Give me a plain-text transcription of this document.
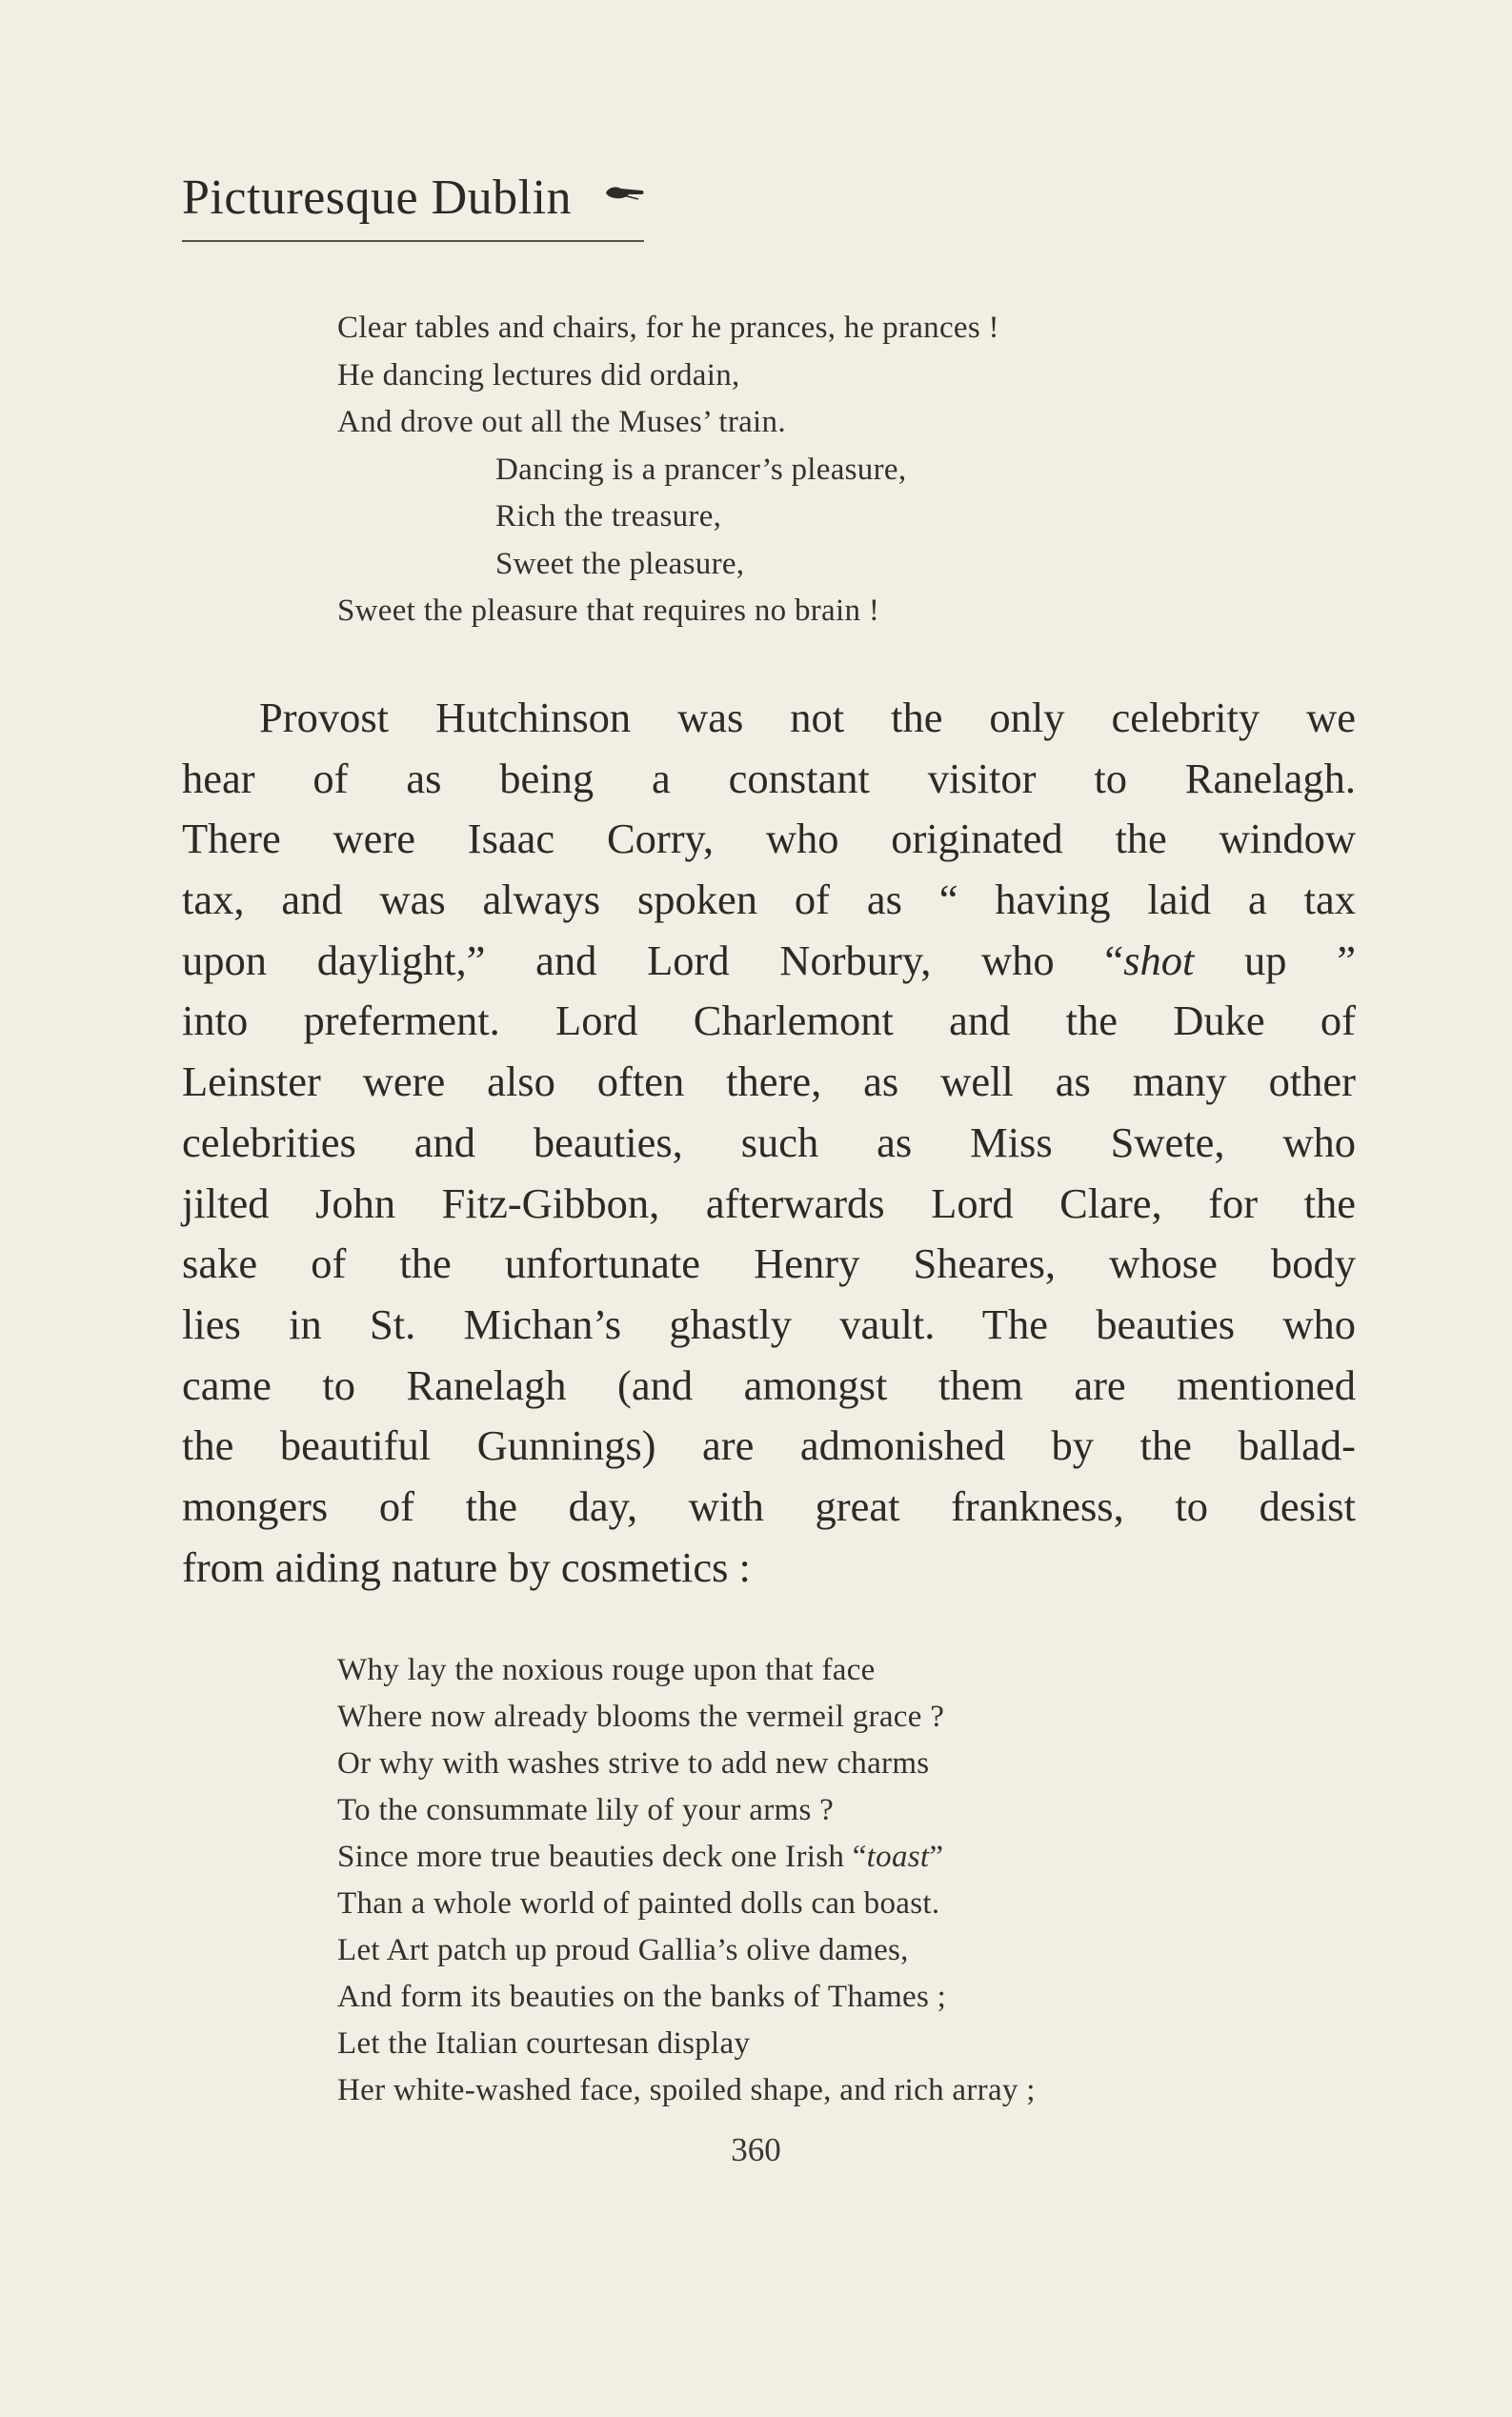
Picturesque Dublin
Clear tables and chairs, for he prances, he prances !
He dancing lectures did ordain,
And drove out all the Muses’ train.
Dancing is a prancer’s pleasure,
Rich the treasure,
Sweet the pleasure,
Sweet the pleasure that requires no brain !
Provost Hutchinson was not the only celebrity we
hear of as being a constant visitor to Ranelagh.
There were Isaac Corry, who originated the window
tax, and was always spoken of as “ having laid a tax
upon daylight,” and Lord Norbury, who “shot up ”
into preferment. Lord Charlemont and the Duke of
Leinster were also often there, as well as many other
celebrities and beauties, such as Miss Swete, who
jilted John Fitz-Gibbon, afterwards Lord Clare, for the
sake of the unfortunate Henry Sheares, whose body
lies in St. Michan’s ghastly vault. The beauties who
came to Ranelagh (and amongst them are mentioned
the beautiful Gunnings) are admonished by the ballad-
mongers of the day, with great frankness, to desist
from aiding nature by cosmetics :
Why lay the noxious rouge upon that face
Where now already blooms the vermeil grace ?
Or why with washes strive to add new charms
To the consummate lily of your arms ?
Since more true beauties deck one Irish “toast”
Than a whole world of painted dolls can boast.
Let Art patch up proud Gallia’s olive dames,
And form its beauties on the banks of Thames ;
Let the Italian courtesan display
Her white-washed face, spoiled shape, and rich array ;
360
